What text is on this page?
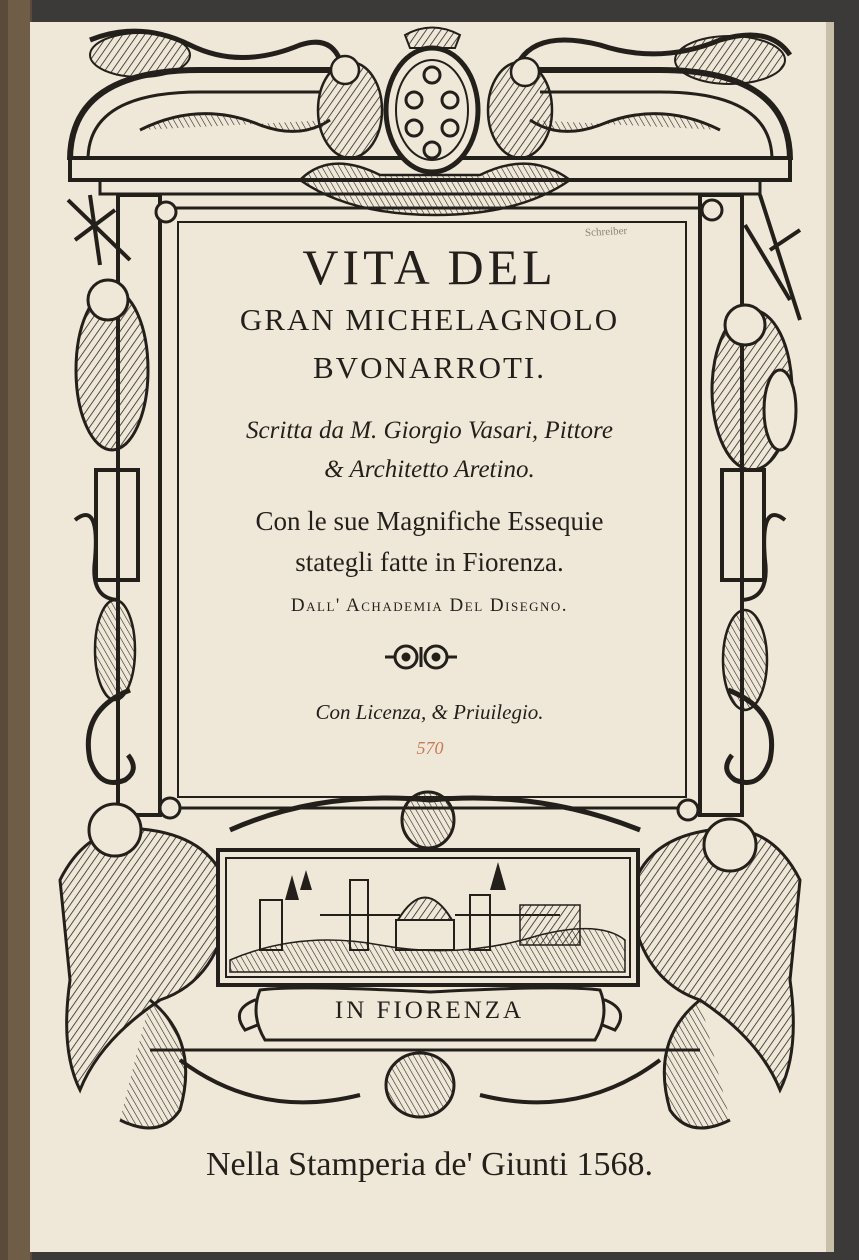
VITA DEL
GRAN MICHELAGNOLO
BVONARROTI.
Scritta da M. Giorgio Vasari, Pittore
& Architetto Aretino.
Con le sue Magnifiche Essequie
stategli fatte in Fiorenza.
Dall' Achademia Del Disegno.
Con Licenza, & Priuilegio.
570
Schreiber
IN FIORENZA
Nella Stamperia de' Giunti 1568.
